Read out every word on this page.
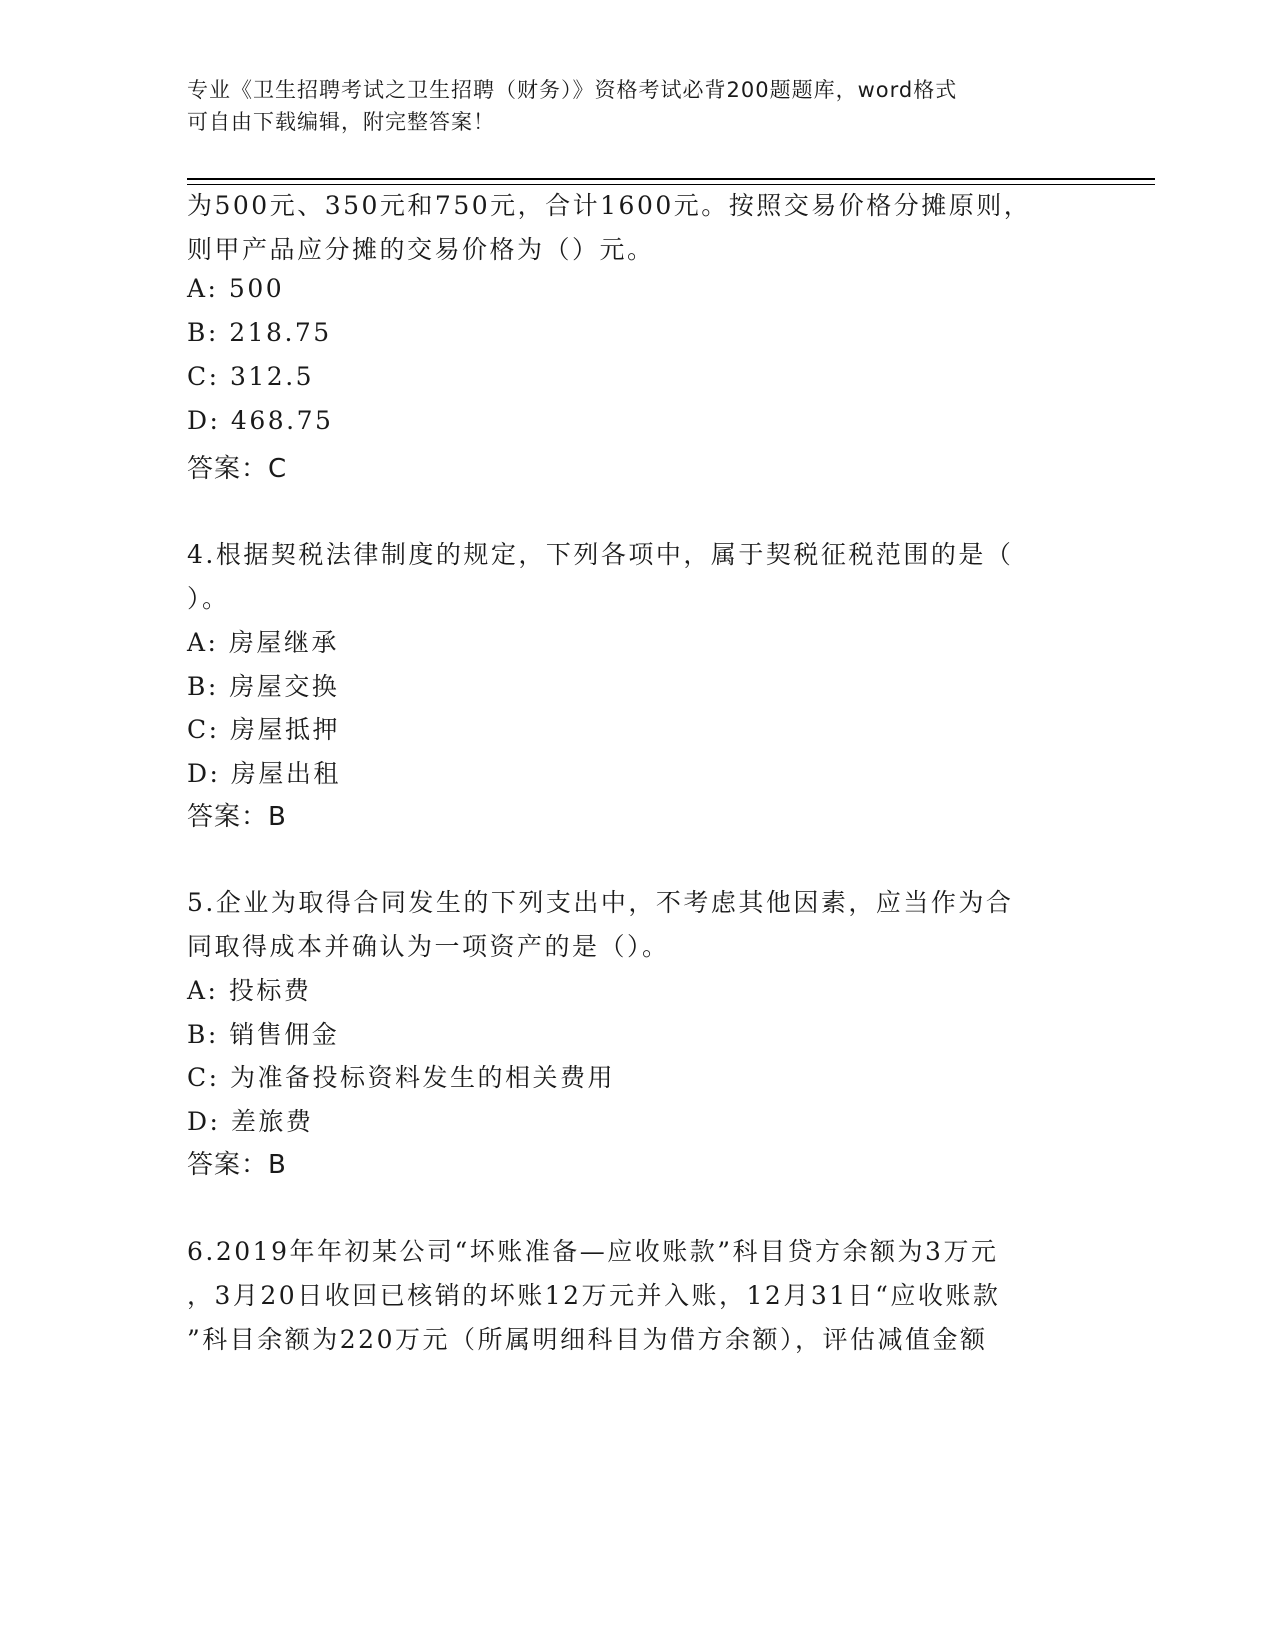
专业《卫生招聘考试之卫生招聘（财务）》资格考试必背200题题库，word格式
可自由下载编辑，附完整答案！
为500元、350元和750元，合计1600元。按照交易价格分摊原则，
则甲产品应分摊的交易价格为（）元。
A: 500
B: 218.75
C: 312.5
D: 468.75
答案：C
4.根据契税法律制度的规定，下列各项中，属于契税征税范围的是（
）。
A: 房屋继承
B: 房屋交换
C: 房屋抵押
D: 房屋出租
答案：B
5.企业为取得合同发生的下列支出中，不考虑其他因素，应当作为合
同取得成本并确认为一项资产的是（）。
A: 投标费
B: 销售佣金
C: 为准备投标资料发生的相关费用
D: 差旅费
答案：B
6.2019年年初某公司“坏账准备—应收账款”科目贷方余额为3万元
，3月20日收回已核销的坏账12万元并入账，12月31日“应收账款
”科目余额为220万元（所属明细科目为借方余额），评估减值金额
